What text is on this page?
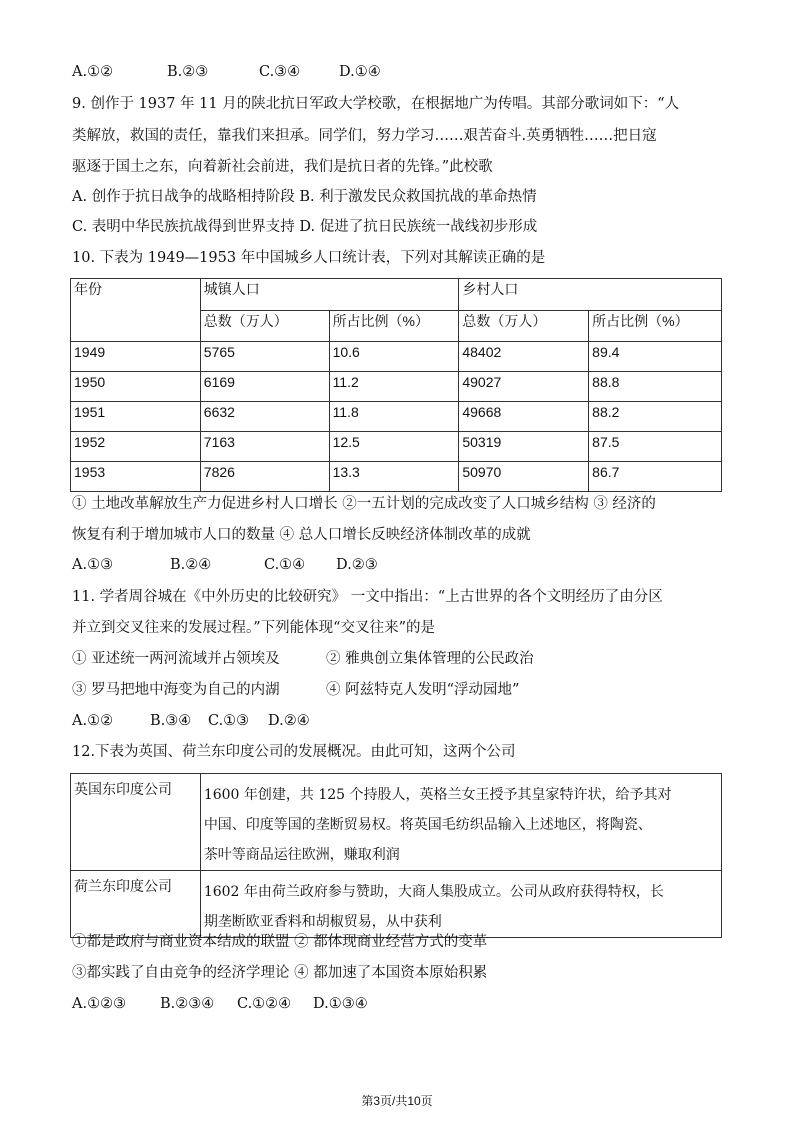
A.①②	B.②③	C.③④	D.①④
9. 创作于 1937 年 11 月的陕北抗日军政大学校歌，在根据地广为传唱。其部分歌词如下：“人
类解放，救国的责任，靠我们来担承。同学们，努力学习……艰苦奋斗.英勇牺牲……把日寇
驱逐于国土之东，向着新社会前进，我们是抗日者的先锋。”此校歌
A. 创作于抗日战争的战略相持阶段 B. 利于激发民众救国抗战的革命热情
C. 表明中华民族抗战得到世界支持 D. 促进了抗日民族统一战线初步形成
10. 下表为 1949—1953 年中国城乡人口统计表，下列对其解读正确的是
年份	城镇人口		乡村人口	
	总数（万人）	所占比例（%）	总数（万人）	所占比例（%）
1949	5765	10.6	48402	89.4
1950	6169	11.2	49027	88.8
1951	6632	11.8	49668	88.2
1952	7163	12.5	50319	87.5
1953	7826	13.3	50970	86.7
① 土地改革解放生产力促进乡村人口增长 ②一五计划的完成改变了人口城乡结构 ③ 经济的
恢复有利于增加城市人口的数量 ④ 总人口增长反映经济体制改革的成就
A.①③	B.②④	C.①④ D.②③
11. 学者周谷城在《中外历史的比较研究》 一文中指出：“上古世界的各个文明经历了由分区
并立到交叉往来的发展过程。”下列能体现“交叉往来”的是
① 亚述统一两河流域并占领埃及	② 雅典创立集体管理的公民政治
③ 罗马把地中海变为自己的内湖	④ 阿兹特克人发明“浮动园地”
A.①②	B.③④ C.①③ D.②④
12.下表为英国、荷兰东印度公司的发展概况。由此可知，这两个公司
英国东印度公司	1600 年创建，共 125 个持股人，英格兰女王授予其皇家特许状，给予其对
中国、印度等国的垄断贸易权。将英国毛纺织品输入上述地区，将陶瓷、
茶叶等商品运往欧洲，赚取利润

荷兰东印度公司	1602 年由荷兰政府参与赞助，大商人集股成立。公司从政府获得特权，长
期垄断欧亚香料和胡椒贸易，从中获利
①都是政府与商业资本结成的联盟 ② 都体现商业经营方式的变革
③都实践了自由竞争的经济学理论 ④ 都加速了本国资本原始积累
A.①②③ B.②③④ C.①②④ D.①③④
第3页/共10页
